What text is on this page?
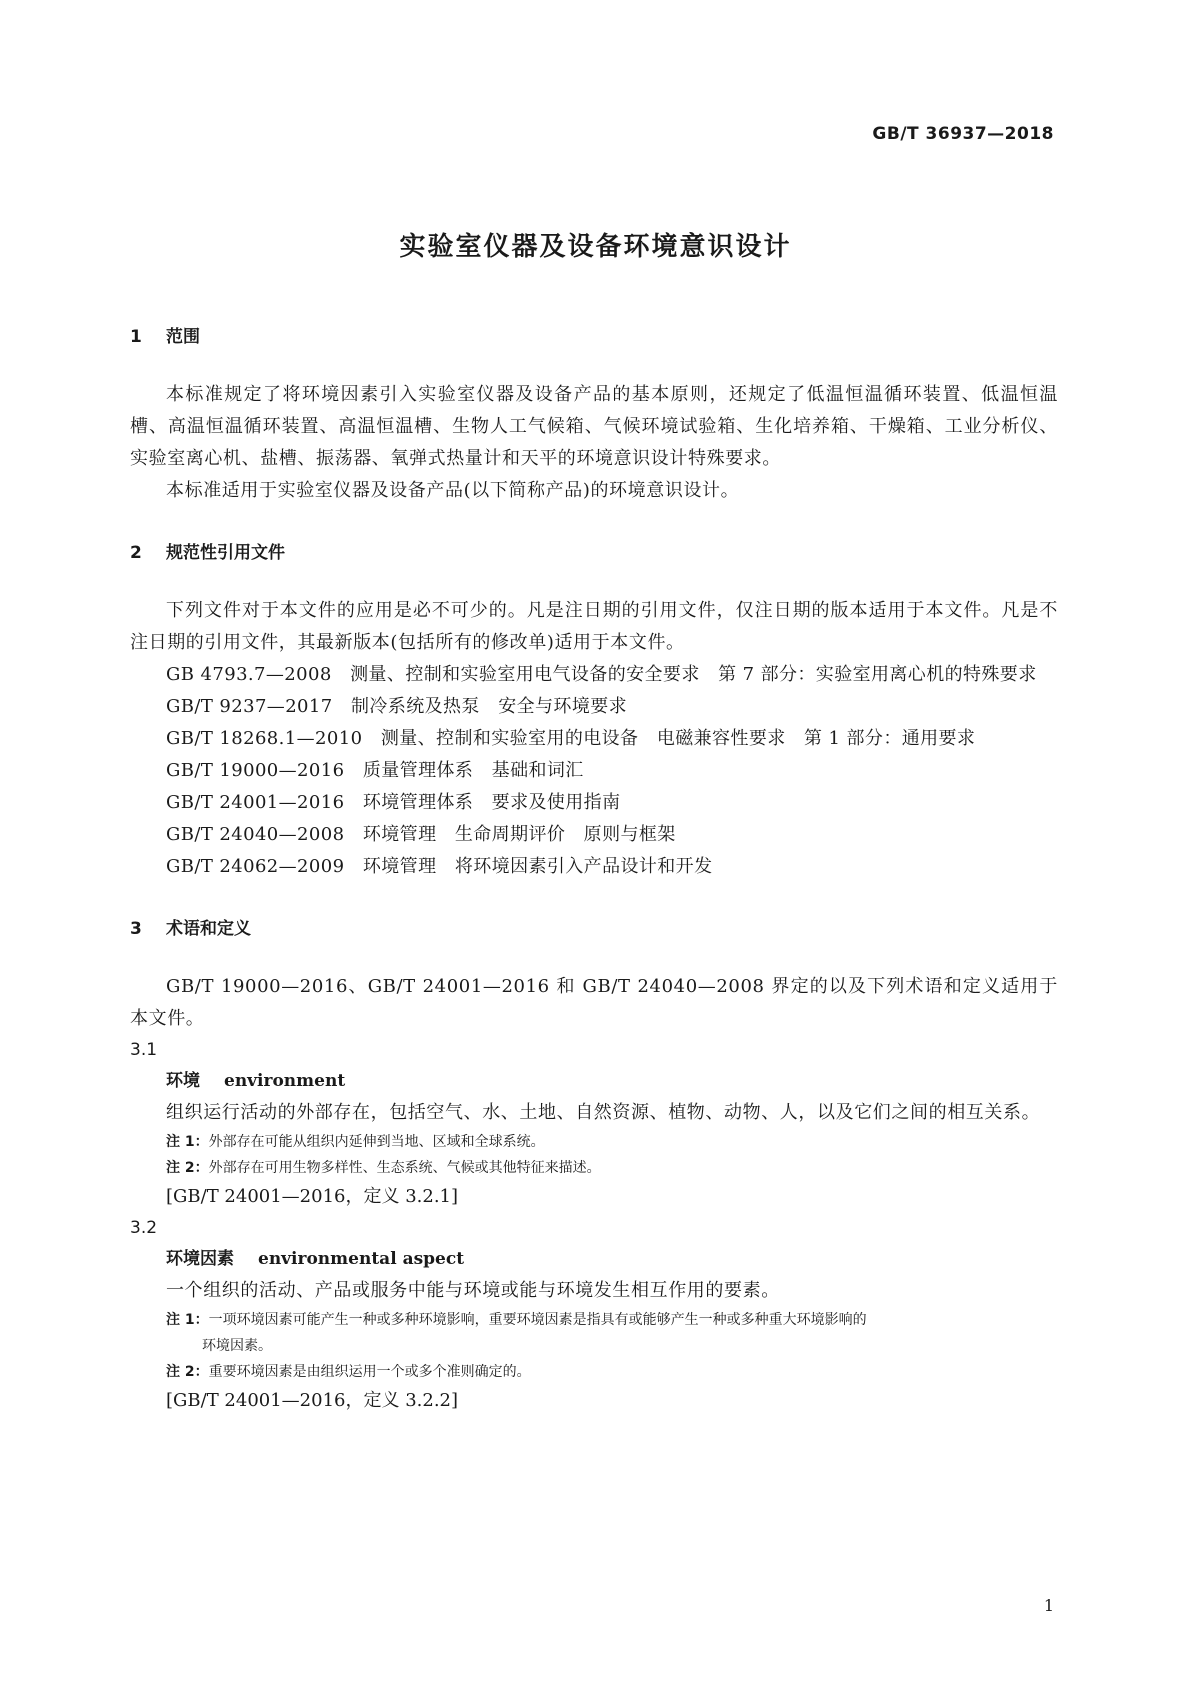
GB/T 36937—2018
实验室仪器及设备环境意识设计
1 范围

本标准规定了将环境因素引入实验室仪器及设备产品的基本原则，还规定了低温恒温循环装置、低温恒温槽、高温恒温循环装置、高温恒温槽、生物人工气候箱、气候环境试验箱、生化培养箱、干燥箱、工业分析仪、实验室离心机、盐槽、振荡器、氧弹式热量计和天平的环境意识设计特殊要求。

本标准适用于实验室仪器及设备产品(以下简称产品)的环境意识设计。

2 规范性引用文件

下列文件对于本文件的应用是必不可少的。凡是注日期的引用文件，仅注日期的版本适用于本文件。凡是不注日期的引用文件，其最新版本(包括所有的修改单)适用于本文件。

GB 4793.7—2008　测量、控制和实验室用电气设备的安全要求　第 7 部分：实验室用离心机的特殊要求

GB/T 9237—2017　制冷系统及热泵　安全与环境要求

GB/T 18268.1—2010　测量、控制和实验室用的电设备　电磁兼容性要求　第 1 部分：通用要求

GB/T 19000—2016　质量管理体系　基础和词汇

GB/T 24001—2016　环境管理体系　要求及使用指南

GB/T 24040—2008　环境管理　生命周期评价　原则与框架

GB/T 24062—2009　环境管理　将环境因素引入产品设计和开发

3 术语和定义

GB/T 19000—2016、GB/T 24001—2016 和 GB/T 24040—2008 界定的以及下列术语和定义适用于本文件。

3.1
环境 environment

组织运行活动的外部存在，包括空气、水、土地、自然资源、植物、动物、人，以及它们之间的相互关系。

注 1：外部存在可能从组织内延伸到当地、区域和全球系统。

注 2：外部存在可用生物多样性、生态系统、气候或其他特征来描述。

[GB/T 24001—2016，定义 3.2.1]

3.2
环境因素 environmental aspect

一个组织的活动、产品或服务中能与环境或能与环境发生相互作用的要素。

注 1：一项环境因素可能产生一种或多种环境影响，重要环境因素是指具有或能够产生一种或多种重大环境影响的

环境因素。

注 2：重要环境因素是由组织运用一个或多个准则确定的。

[GB/T 24001—2016，定义 3.2.2]

1
